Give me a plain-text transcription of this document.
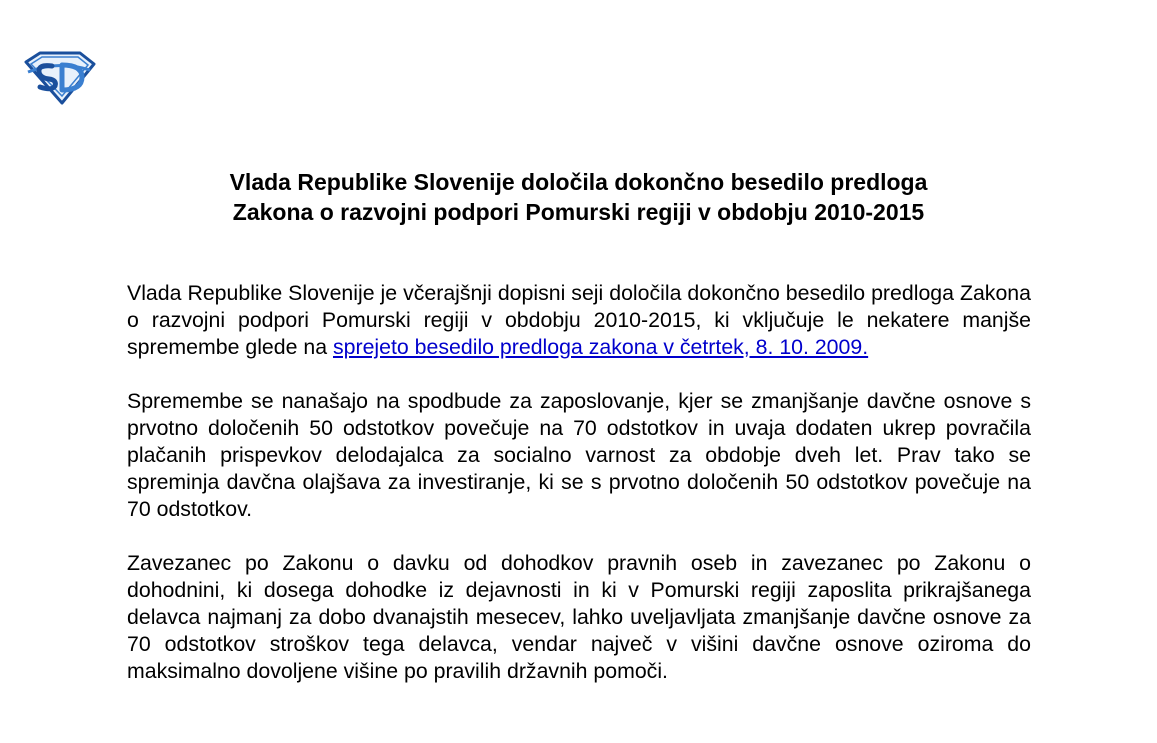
Vlada Republike Slovenije določila dokončno besedilo predloga
Zakona o razvojni podpori Pomurski regiji v obdobju 2010-2015

Vlada Republike Slovenije je včerajšnji dopisni seji določila dokončno besedilo predloga Zakona o razvojni podpori Pomurski regiji v obdobju 2010-2015, ki vključuje le nekatere manjše spremembe glede na sprejeto besedilo predloga zakona v četrtek, 8. 10. 2009.

Spremembe se nanašajo na spodbude za zaposlovanje, kjer se zmanjšanje davčne osnove s prvotno določenih 50 odstotkov povečuje na 70 odstotkov in uvaja dodaten ukrep povračila plačanih prispevkov delodajalca za socialno varnost za obdobje dveh let. Prav tako se spreminja davčna olajšava za investiranje, ki se s prvotno določenih 50 odstotkov povečuje na 70 odstotkov.

Zavezanec po Zakonu o davku od dohodkov pravnih oseb in zavezanec po Zakonu o dohodnini, ki dosega dohodke iz dejavnosti in ki v Pomurski regiji zaposlita prikrajšanega delavca najmanj za dobo dvanajstih mesecev, lahko uveljavljata zmanjšanje davčne osnove za 70 odstotkov stroškov tega delavca, vendar največ v višini davčne osnove oziroma do maksimalno dovoljene višine po pravilih državnih pomoči.
